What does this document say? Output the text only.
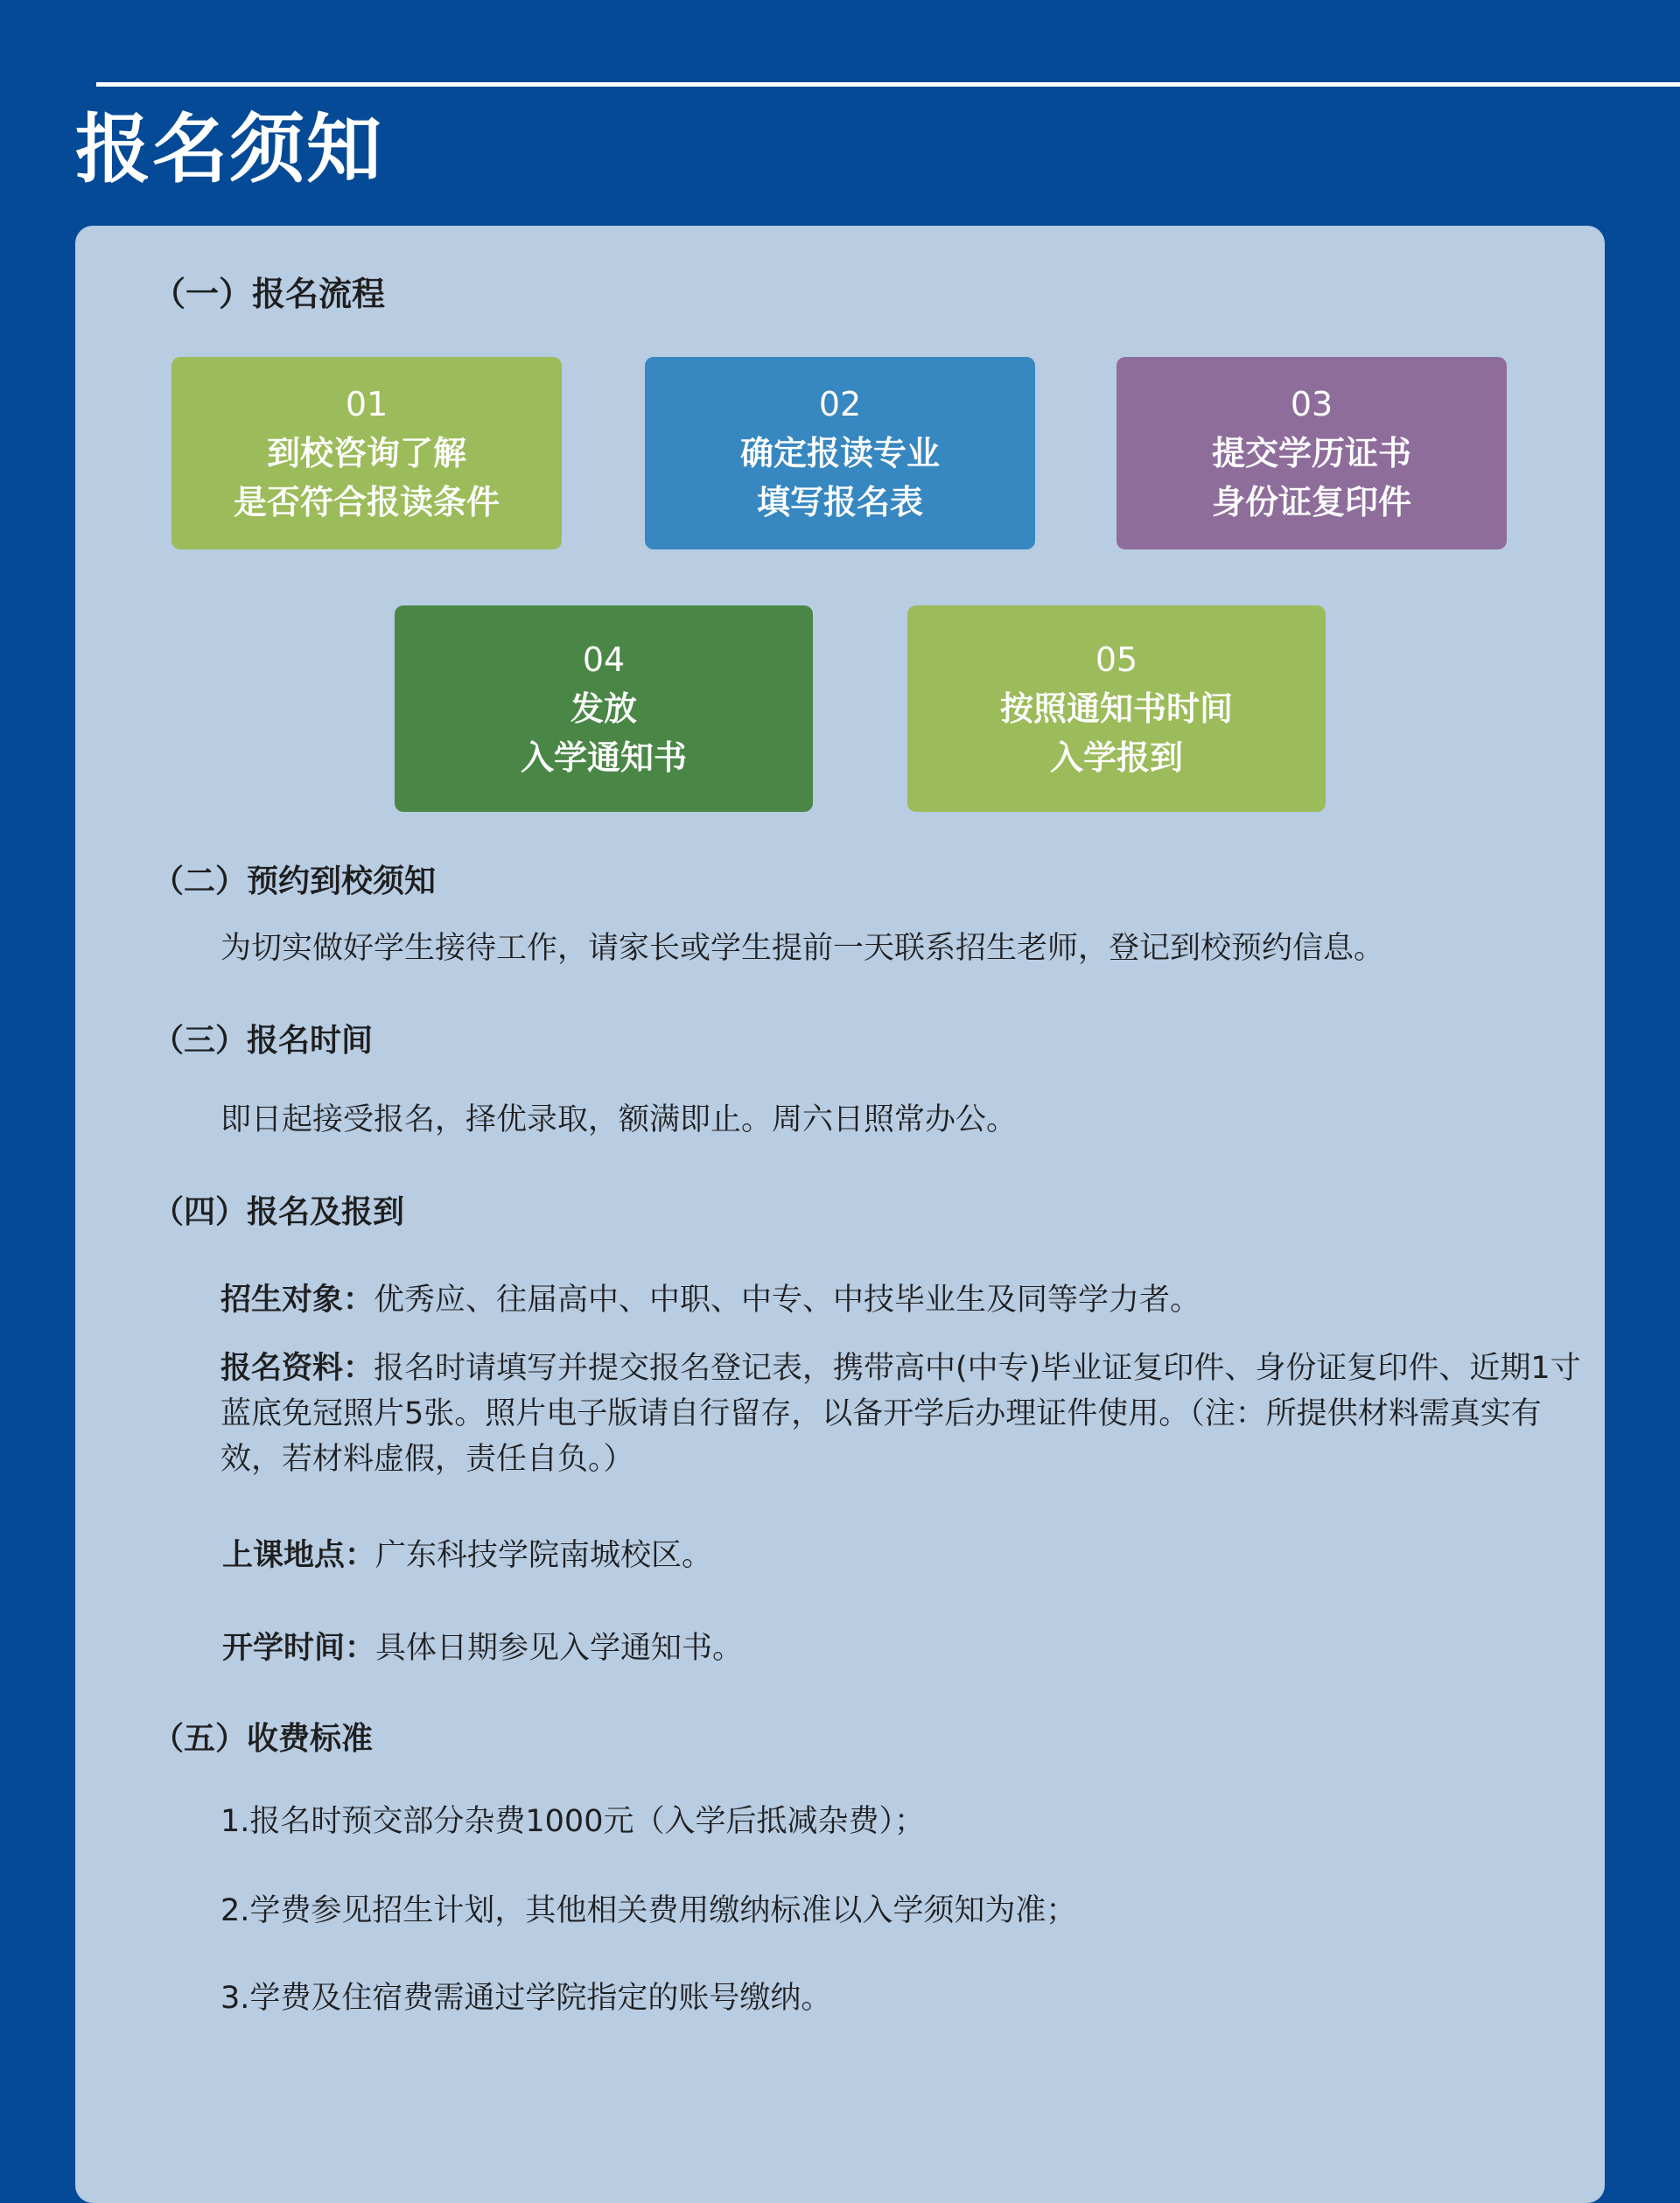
报名须知
（一）报名流程
01
到校咨询了解
是否符合报读条件
02
确定报读专业
填写报名表
03
提交学历证书
身份证复印件
04
发放
入学通知书
05
按照通知书时间
入学报到
（二）预约到校须知
为切实做好学生接待工作，请家长或学生提前一天联系招生老师，登记到校预约信息。
（三）报名时间
即日起接受报名，择优录取，额满即止。周六日照常办公。
（四）报名及报到
招生对象：优秀应、往届高中、中职、中专、中技毕业生及同等学力者。
报名资料：报名时请填写并提交报名登记表，携带高中(中专)毕业证复印件、身份证复印件、近期1寸蓝底免冠照片5张。照片电子版请自行留存，以备开学后办理证件使用。（注：所提供材料需真实有效，若材料虚假，责任自负。）
上课地点：广东科技学院南城校区。
开学时间：具体日期参见入学通知书。
（五）收费标准
1.报名时预交部分杂费1000元（入学后抵减杂费）；
2.学费参见招生计划，其他相关费用缴纳标准以入学须知为准；
3.学费及住宿费需通过学院指定的账号缴纳。
